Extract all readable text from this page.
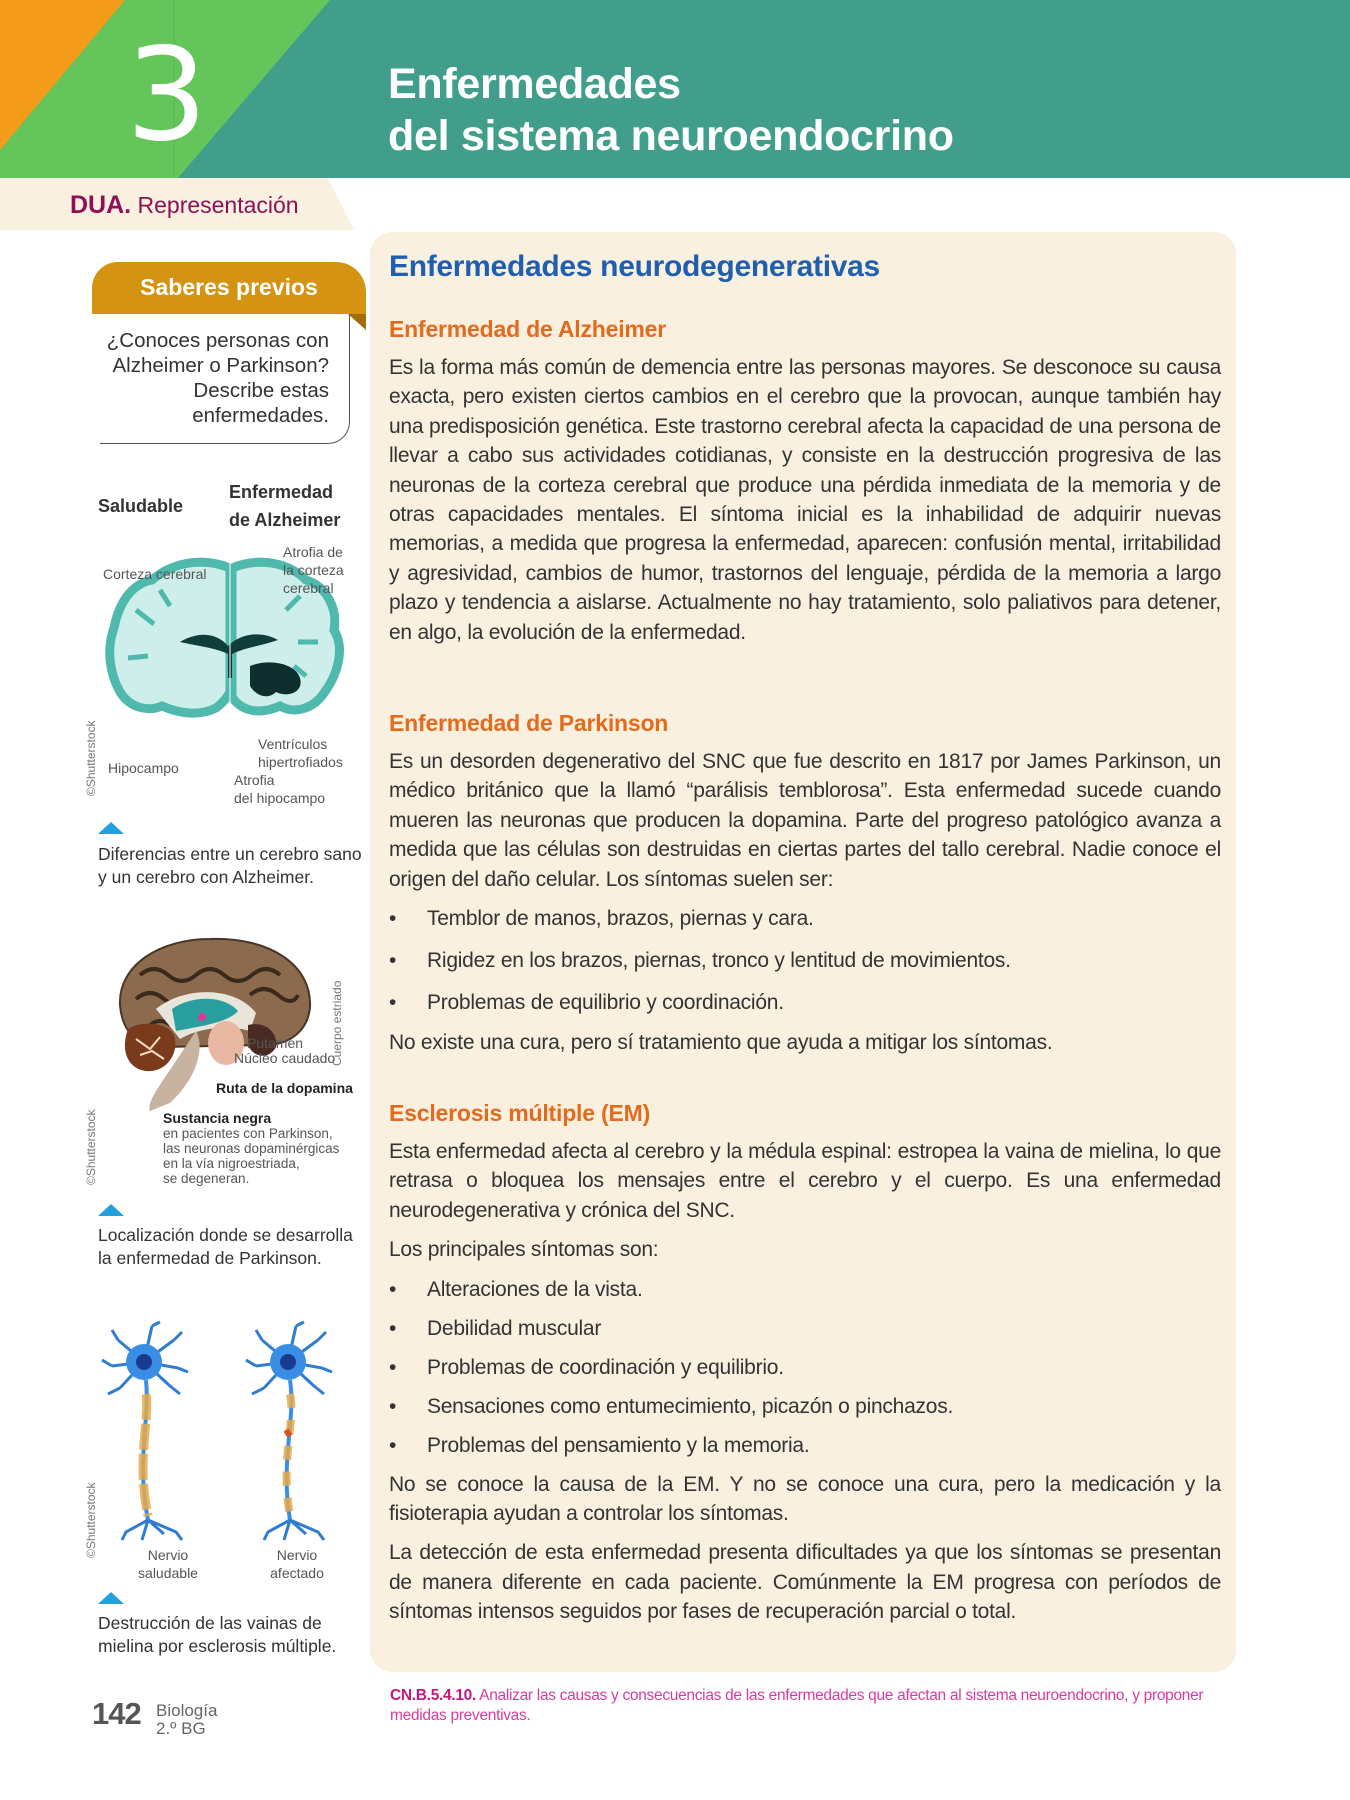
3	Enfermedades
del sistema neuroendocrino
DUA. Representación
Saberes previos
¿Conoces personas con
Alzheimer o Parkinson?
Describe estas
enfermedades.
Saludable
Enfermedad
de Alzheimer
Corteza cerebral
Atrofia de
la corteza
cerebral
Ventrículos
hipertrofiados
Hipocampo
Atrofia
del hipocampo
©Shutterstock
Diferencias entre un cerebro sano y un cerebro con Alzheimer.
Putamen
Núcleo caudado
Cuerpo estriado
Ruta de la dopamina
Sustancia negra
en pacientes con Parkinson,
las neuronas dopaminérgicas
en la vía nigroestriada,
se degeneran.
©Shutterstock
Localización donde se desarrolla la enfermedad de Parkinson.
Nervio
saludable
Nervio
afectado
©Shutterstock
Destrucción de las vainas de mielina por esclerosis múltiple.
Enfermedades neurodegenerativas
Enfermedad de Alzheimer

Es la forma más común de demencia entre las personas mayores. Se desconoce su causa exacta, pero existen ciertos cambios en el cerebro que la provocan, aunque también hay una predisposición genética. Este trastorno cerebral afecta la capacidad de una persona de llevar a cabo sus actividades cotidianas, y consiste en la destrucción progresiva de las neuronas de la corteza cerebral que produce una pérdida inmediata de la memoria y de otras capacidades mentales. El síntoma inicial es la inhabilidad de adquirir nuevas memorias, a medida que progresa la enfermedad, aparecen: confusión mental, irritabilidad y agresividad, cambios de humor, trastornos del lenguaje, pérdida de la memoria a largo plazo y tendencia a aislarse. Actualmente no hay tratamiento, solo paliativos para detener, en algo, la evolución de la enfermedad.

Enfermedad de Parkinson

Es un desorden degenerativo del SNC que fue descrito en 1817 por James Parkinson, un médico británico que la llamó “parálisis temblorosa”. Esta enfermedad sucede cuando mueren las neuronas que producen la dopamina. Parte del progreso patológico avanza a medida que las células son destruidas en ciertas partes del tallo cerebral. Nadie conoce el origen del daño celular. Los síntomas suelen ser:

• Temblor de manos, brazos, piernas y cara.
• Rigidez en los brazos, piernas, tronco y lentitud de movimientos.
• Problemas de equilibrio y coordinación.

No existe una cura, pero sí tratamiento que ayuda a mitigar los síntomas.

Esclerosis múltiple (EM)

Esta enfermedad afecta al cerebro y la médula espinal: estropea la vaina de mielina, lo que retrasa o bloquea los mensajes entre el cerebro y el cuerpo. Es una enfermedad neurodegenerativa y crónica del SNC.

Los principales síntomas son:

• Alteraciones de la vista.
• Debilidad muscular
• Problemas de coordinación y equilibrio.
• Sensaciones como entumecimiento, picazón o pinchazos.
• Problemas del pensamiento y la memoria.

No se conoce la causa de la EM. Y no se conoce una cura, pero la medicación y la fisioterapia ayudan a controlar los síntomas.

La detección de esta enfermedad presenta dificultades ya que los síntomas se presentan de manera diferente en cada paciente. Comúnmente la EM progresa con períodos de síntomas intensos seguidos por fases de recuperación parcial o total.

142 Biología
2.º BG
CN.B.5.4.10. Analizar las causas y consecuencias de las enfermedades que afectan al sistema neuroendocrino, y proponer medidas preventivas.
